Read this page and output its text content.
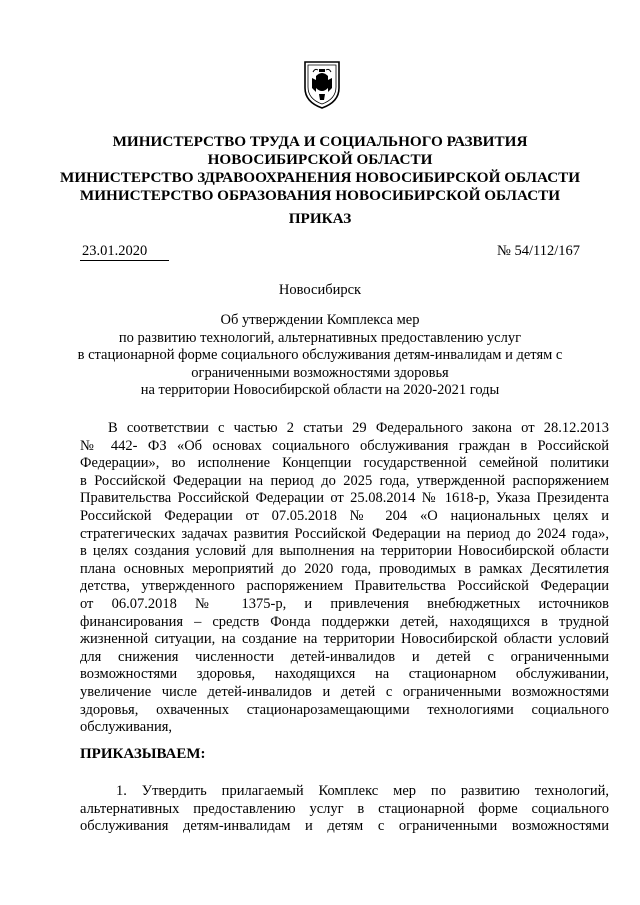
МИНИСТЕРСТВО ТРУДА И СОЦИАЛЬНОГО РАЗВИТИЯ
НОВОСИБИРСКОЙ ОБЛАСТИ
МИНИСТЕРСТВО ЗДРАВООХРАНЕНИЯ НОВОСИБИРСКОЙ ОБЛАСТИ
МИНИСТЕРСТВО ОБРАЗОВАНИЯ НОВОСИБИРСКОЙ ОБЛАСТИ
ПРИКАЗ
23.01.2020	№ 54/112/167
Новосибирск
Об утверждении Комплекса мер
по развитию технологий, альтернативных предоставлению услуг
в стационарной форме социального обслуживания детям-инвалидам и детям с
ограниченными возможностями здоровья
на территории Новосибирской области на 2020-2021 годы
В соответствии с частью 2 статьи 29 Федерального закона от 28.12.2013
№ 442- ФЗ «Об основах социального обслуживания граждан в Российской
Федерации», во исполнение Концепции государственной семейной политики
в Российской Федерации на период до 2025 года, утвержденной распоряжением
Правительства Российской Федерации от 25.08.2014 № 1618-р, Указа Президента
Российской Федерации от 07.05.2018 № 204 «О национальных целях и
стратегических задачах развития Российской Федерации на период до 2024 года»,
в целях создания условий для выполнения на территории Новосибирской области
плана основных мероприятий до 2020 года, проводимых в рамках Десятилетия
детства, утвержденного распоряжением Правительства Российской Федерации
от 06.07.2018 № 1375-р, и привлечения внебюджетных источников
финансирования – средств Фонда поддержки детей, находящихся в трудной
жизненной ситуации, на создание на территории Новосибирской области условий
для снижения численности детей-инвалидов и детей с ограниченными
возможностями здоровья, находящихся на стационарном обслуживании,
увеличение числе детей-инвалидов и детей с ограниченными возможностями
здоровья, охваченных стационарозамещающими технологиями социального
обслуживания,
ПРИКАЗЫВАЕМ:
1. Утвердить прилагаемый Комплекс мер по развитию технологий,
альтернативных предоставлению услуг в стационарной форме социального
обслуживания детям-инвалидам и детям с ограниченными возможностями
